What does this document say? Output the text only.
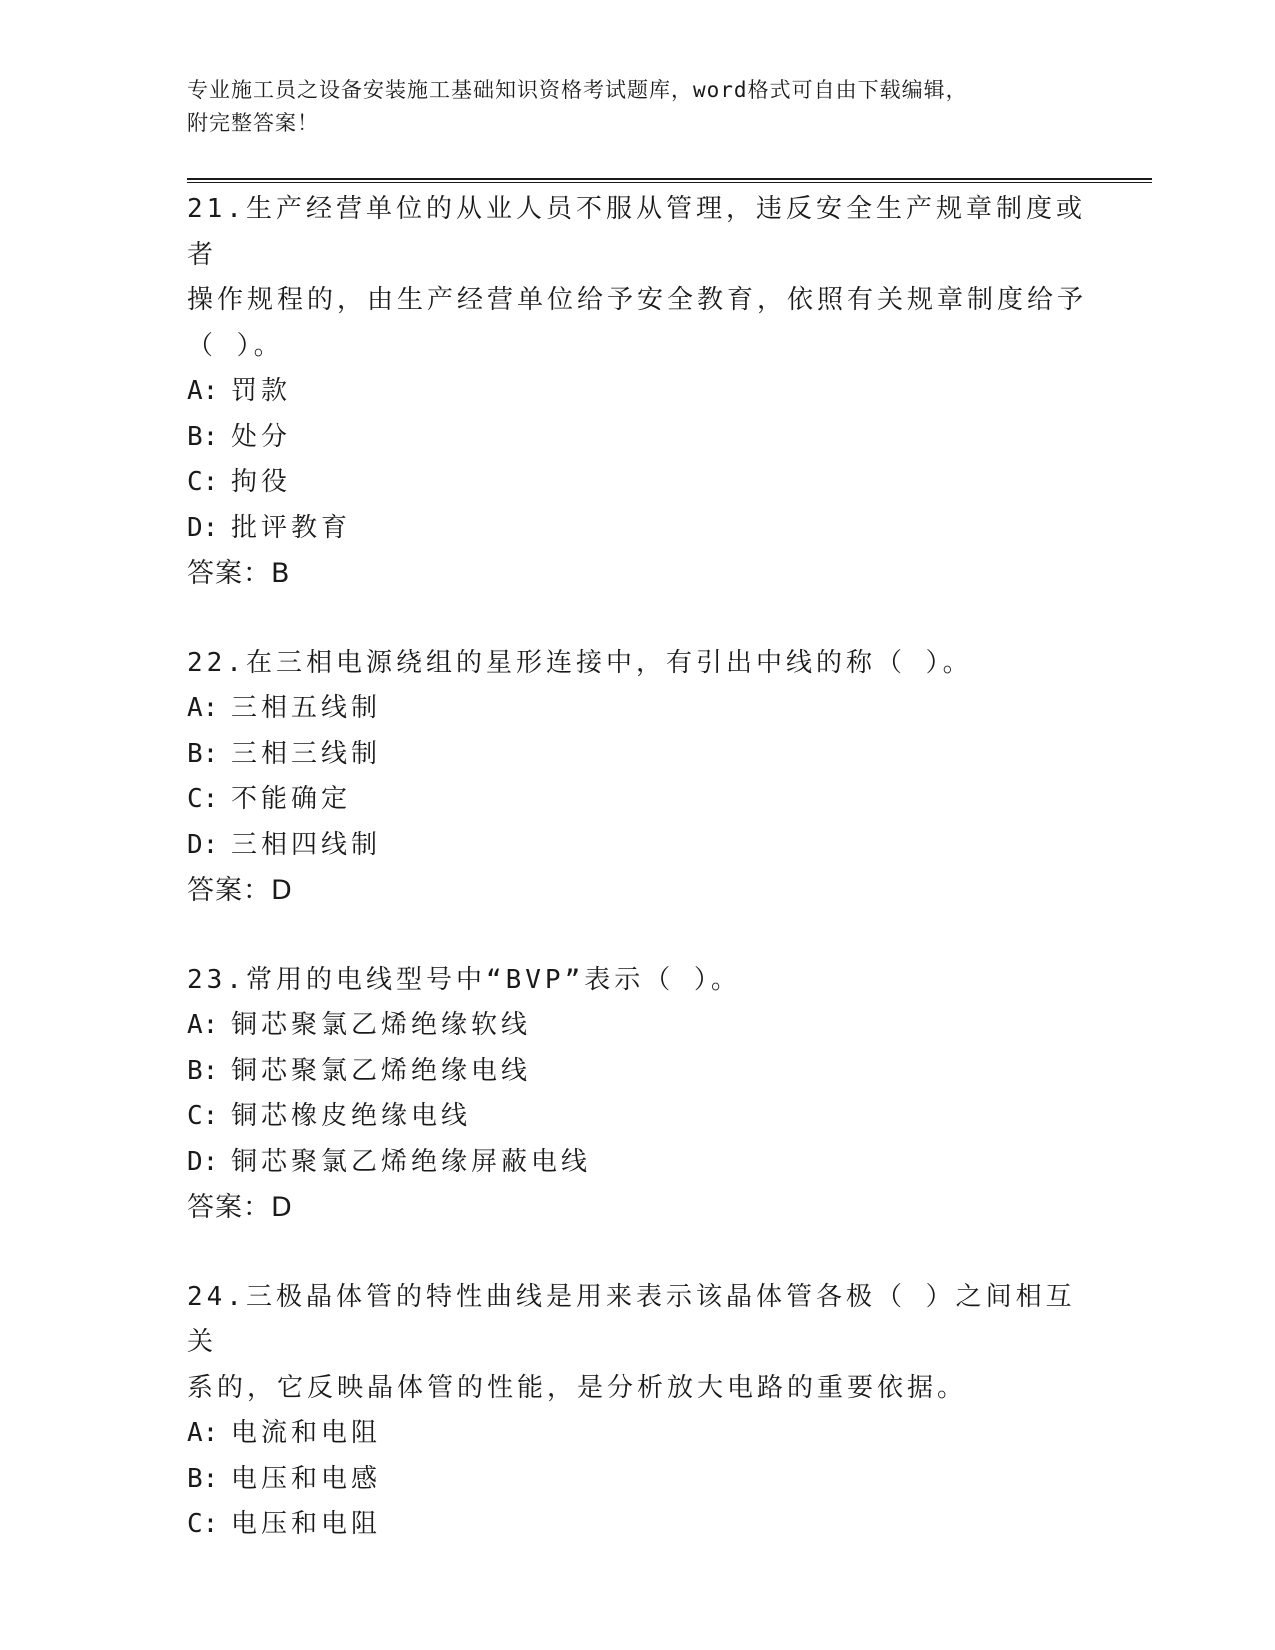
专业施工员之设备安装施工基础知识资格考试题库，word格式可自由下载编辑，
附完整答案！
21.生产经营单位的从业人员不服从管理，违反安全生产规章制度或者
操作规程的，由生产经营单位给予安全教育，依照有关规章制度给予
（ ）。
A: 罚款
B: 处分
C: 拘役
D: 批评教育
答案：B
22.在三相电源绕组的星形连接中，有引出中线的称（ ）。
A: 三相五线制
B: 三相三线制
C: 不能确定
D: 三相四线制
答案：D
23.常用的电线型号中“BVP”表示（ ）。
A: 铜芯聚氯乙烯绝缘软线
B: 铜芯聚氯乙烯绝缘电线
C: 铜芯橡皮绝缘电线
D: 铜芯聚氯乙烯绝缘屏蔽电线
答案：D
24.三极晶体管的特性曲线是用来表示该晶体管各极（ ）之间相互关
系的，它反映晶体管的性能，是分析放大电路的重要依据。
A: 电流和电阻
B: 电压和电感
C: 电压和电阻
